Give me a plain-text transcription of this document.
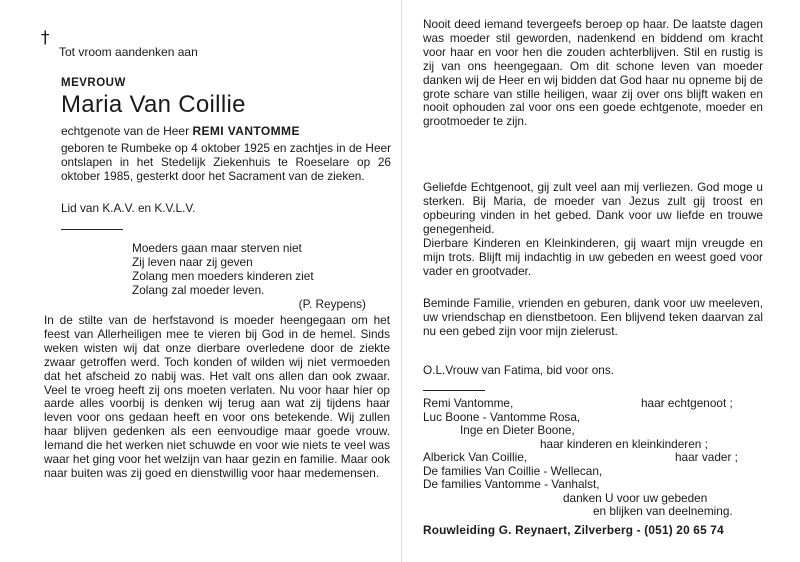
†
Tot vroom aandenken aan
MEVROUW
Maria Van Coillie
echtgenote van de Heer REMI VANTOMME

geboren te Rumbeke op 4 oktober 1925 en zachtjes in de Heer ontslapen in het Stedelijk Ziekenhuis te Roeselare op 26 oktober 1985, gesterkt door het Sacrament van de zieken.

Lid van K.A.V. en K.V.L.V.
Moeders gaan maar sterven niet
Zij leven naar zij geven
Zolang men moeders kinderen ziet
Zolang zal moeder leven.
(P. Reypens)

In de stilte van de herfstavond is moeder heengegaan om het feest van Allerheiligen mee te vieren bij God in de hemel. Sinds weken wisten wij dat onze dierbare overledene door de ziekte zwaar getroffen werd. Toch konden of wilden wij niet vermoeden dat het afscheid zo nabij was. Het valt ons allen dan ook zwaar. Veel te vroeg heeft zij ons moeten verlaten. Nu voor haar hier op aarde alles voorbij is denken wij terug aan wat zij tijdens haar leven voor ons gedaan heeft en voor ons betekende. Wij zullen haar blijven gedenken als een eenvoudige maar goede vrouw. Iemand die het werken niet schuwde en voor wie niets te veel was waar het ging voor het welzijn van haar gezin en familie. Maar ook naar buiten was zij goed en dienstwillig voor haar medemensen.

Nooit deed iemand tevergeefs beroep op haar. De laatste dagen was moeder stil geworden, nadenkend en biddend om kracht voor haar en voor hen die zouden achterblijven. Stil en rustig is zij van ons heengegaan. Om dit schone leven van moeder danken wij de Heer en wij bidden dat God haar nu opneme bij de grote schare van stille heiligen, waar zij over ons blijft waken en nooit ophouden zal voor ons een goede echtgenote, moeder en grootmoeder te zijn.

Geliefde Echtgenoot, gij zult veel aan mij verliezen. God moge u sterken. Bij Maria, de moeder van Jezus zult gij troost en opbeuring vinden in het gebed. Dank voor uw liefde en trouwe genegenheid.

Dierbare Kinderen en Kleinkinderen, gij waart mijn vreugde en mijn trots. Blijft mij indachtig in uw gebeden en weest goed voor vader en grootvader.

Beminde Familie, vrienden en geburen, dank voor uw meeleven, uw vriendschap en dienstbetoon. Een blijvend teken daarvan zal nu een gebed zijn voor mijn zielerust.

O.L.Vrouw van Fatima, bid voor ons.
Remi Vantomme,	haar echtgenoot ;
Luc Boone - Vantomme Rosa,
Inge en Dieter Boone,
haar kinderen en kleinkinderen ;
Alberick Van Coillie,	haar vader ;
De families Van Coillie - Wellecan,
De families Vantomme - Vanhalst,
danken U voor uw gebeden
en blijken van deelneming.
Rouwleiding G. Reynaert, Zilverberg - (051) 20 65 74
